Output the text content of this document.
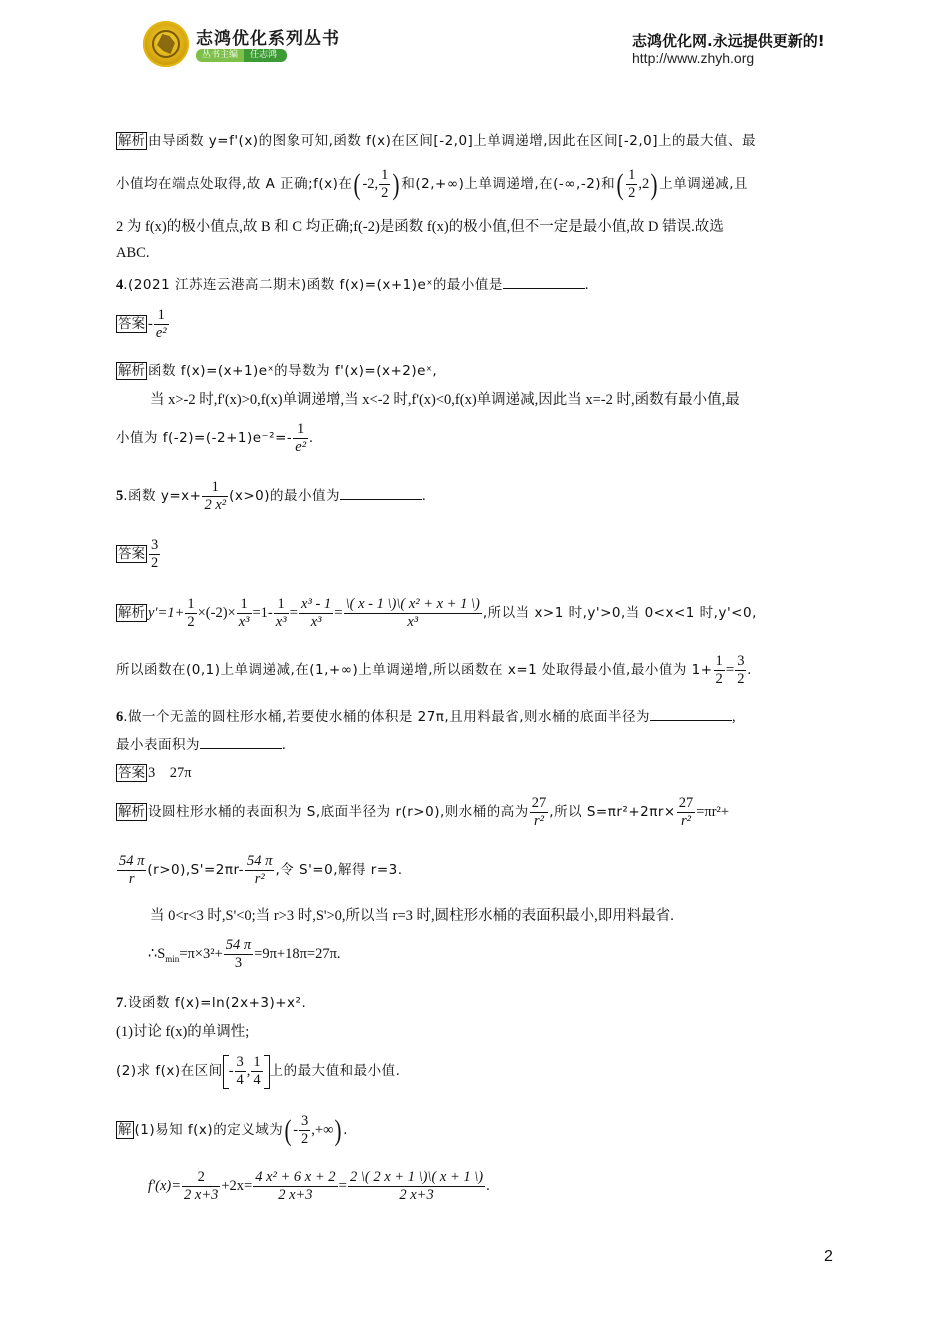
志鸿优化系列丛书
丛书主编	任志鸿
志鸿优化网.永远提供更新的!
http://www.zhyh.org
解析 由导函数 y=f'(x)的图象可知,函数 f(x)在区间[-2,0]上单调递增,因此在区间[-2,0]上的最大值、最
小值均在端点处取得,故 A 正确;f(x)在( -2, $\frac{1}{2}$ ) 和(2,+∞)上单调递增,在(-∞,-2)和( $\frac{1}{2} ,2$) 上单调递减,且
2 为 f(x)的极小值点,故 B 和 C 均正确;f(-2)是函数 f(x)的极小值,但不一定是最小值,故 D 错误.故选
ABC.
4.(2021 江苏连云港高二期末)函数 f(x)=(x+1)eˣ的最小值是	.
答案 - $\frac{1}{\text{e²}}$
解析 函数 f(x)=(x+1)eˣ的导数为 f'(x)=(x+2)eˣ,
当 x>-2 时,f'(x)>0,f(x)单调递增,当 x<-2 时,f'(x)<0,f(x)单调递减,因此当 x=-2 时,函数有最小值,最
小值为 $f(-2)=(-2+1)e^{-2}=- \frac{1}{\text{e²}}$ .
5.函数 $y=x+ \frac{1}{\text{2 x²}} (x>0)$的最小值为	.
答案 $\frac{3}{2}$
解析 $y'=1+ \frac{1}{2} \times(-2)\times \frac{1}{\text{x³}} =1- \frac{1}{\text{x³}} = \frac{\text{x³ - 1}}{\text{x³}} = \frac{\text{\textbackslash{}( x - 1 \textbackslash{})\textbackslash{}( x² + x + 1 \textbackslash{})}}{\text{x³}}$ ,所以当 x>1 时,y'>0,当 0<x<1 时,y'<0,
所以函数在(0,1)上单调递减,在(1,+∞)上单调递增,所以函数在 x=1 处取得最小值,最小值为 $1+ \frac{1}{2} = \frac{3}{2}$ .
6.做一个无盖的圆柱形水桶,若要使水桶的体积是 27π,且用料最省,则水桶的底面半径为	,
最小表面积为	.
答案 3    27π
解析 设圆柱形水桶的表面积为 S,底面半径为 r(r>0),则水桶的高为 $\frac{27}{\text{r²}}$ ,所以 $S=\pi r^2+2\pi r\times \frac{27}{\text{r²}} =\pi r^2+$
$\frac{54 \pi}{r} (r>0),S'=2\pi r- \frac{54 \pi}{\text{r²}}$ ,令 S'=0,解得 r=3.
当 0<r<3 时,S'<0;当 r>3 时,S'>0,所以当 r=3 时,圆柱形水桶的表面积最小,即用料最省.
$\therefore S_{min}=\pi\times 3^2+ \frac{54 \pi}{3} =9\pi+18\pi=27\pi$.
7.设函数 f(x)=ln(2x+3)+x².
(1)讨论 f(x)的单调性;
(2)求 f(x)在区间 - $\frac{3}{4}$ , $\frac{1}{4}$ 上的最大值和最小值.
解 (1)易知 f(x)的定义域为( - $\frac{3}{2}$ ,+∞) .
$f'(x)= \frac{2}{2 x+3} +2x= \frac{\text{4 x² + 6 x + 2}}{2 x+3} = \frac{2 \backslash( 2 x + 1 \backslash)\backslash( x + 1 \backslash)}{2 x+3}$ .
2
